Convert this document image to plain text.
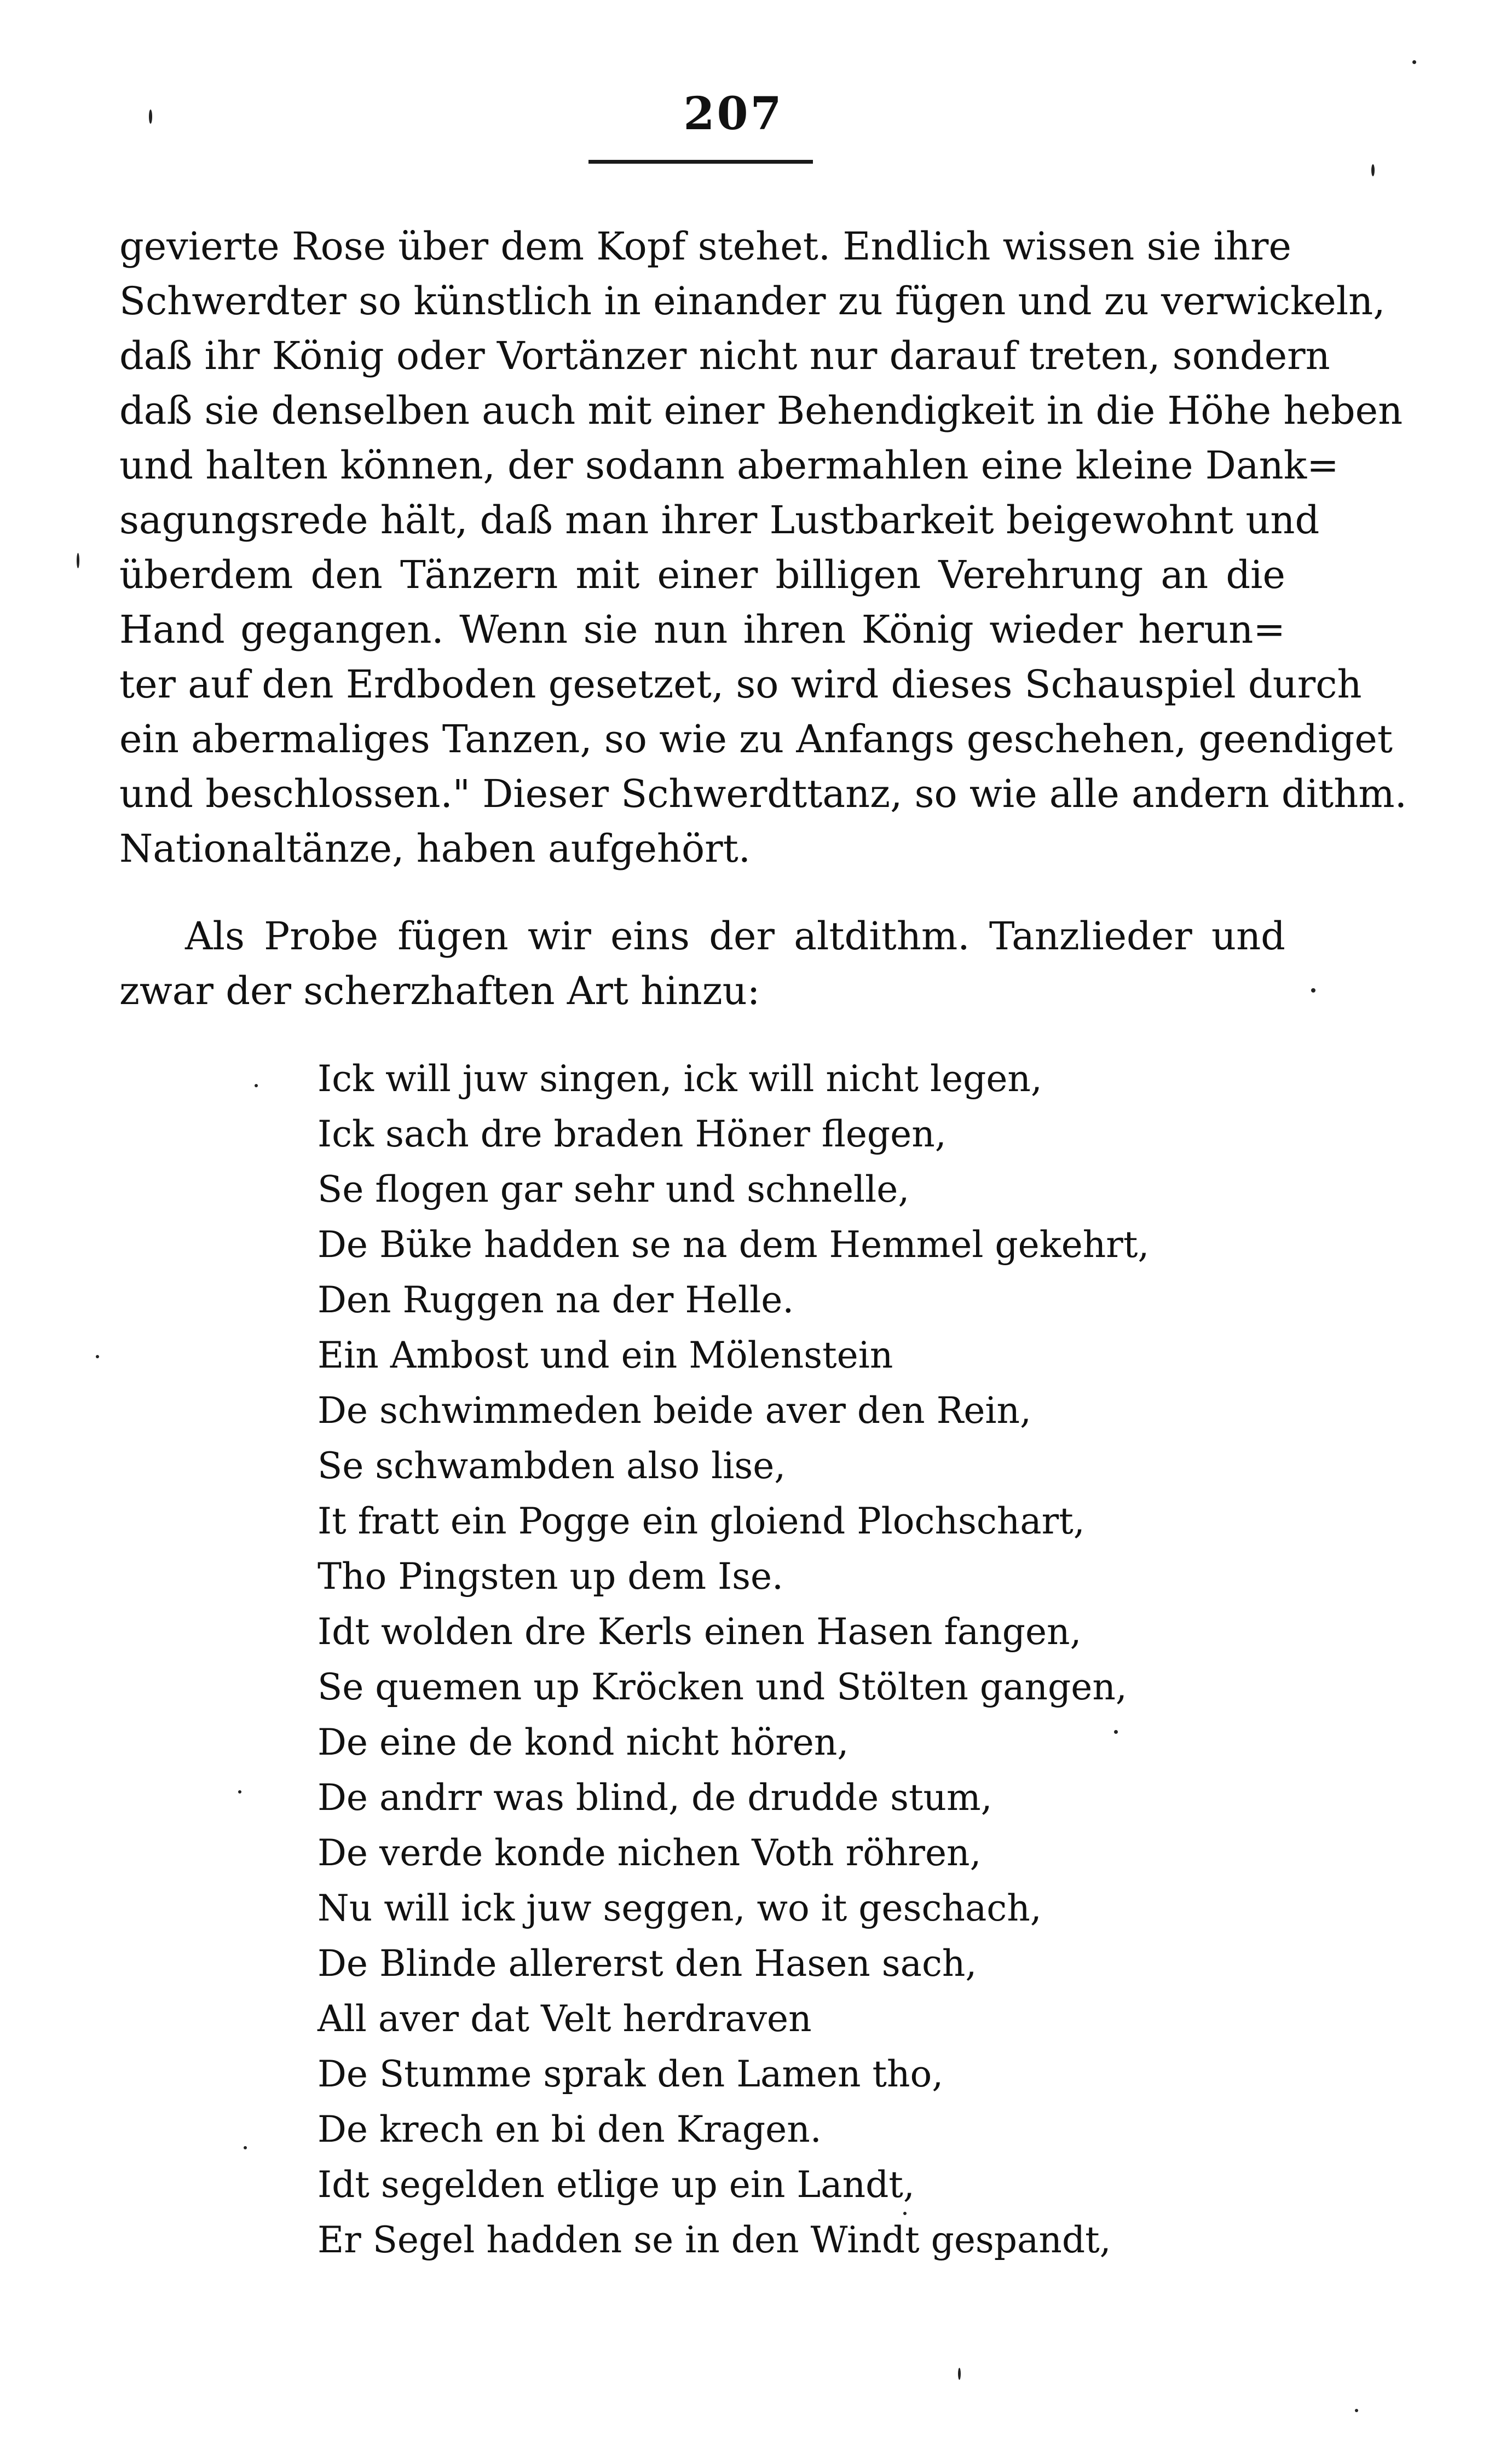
207
gevierte Rose über dem Kopf stehet. Endlich wissen sie ihre
Schwerdter so künstlich in einander zu fügen und zu verwickeln,
daß ihr König oder Vortänzer nicht nur darauf treten, sondern
daß sie denselben auch mit einer Behendigkeit in die Höhe heben
und halten können, der sodann abermahlen eine kleine Dank=
sagungsrede hält, daß man ihrer Lustbarkeit beigewohnt und
überdem den Tänzern mit einer billigen Verehrung an die
Hand gegangen. Wenn sie nun ihren König wieder herun=
ter auf den Erdboden gesetzet, so wird dieses Schauspiel durch
ein abermaliges Tanzen, so wie zu Anfangs geschehen, geendiget
und beschlossen." Dieser Schwerdttanz, so wie alle andern dithm.
Nationaltänze, haben aufgehört.
Als Probe fügen wir eins der altdithm. Tanzlieder und
zwar der scherzhaften Art hinzu:
Ick will juw singen, ick will nicht legen,
Ick sach dre braden Höner flegen,
Se flogen gar sehr und schnelle,
De Büke hadden se na dem Hemmel gekehrt,
Den Ruggen na der Helle.
Ein Ambost und ein Mölenstein
De schwimmeden beide aver den Rein,
Se schwambden also lise,
It fratt ein Pogge ein gloiend Plochschart,
Tho Pingsten up dem Ise.
Idt wolden dre Kerls einen Hasen fangen,
Se quemen up Kröcken und Stölten gangen,
De eine de kond nicht hören,
De andrr was blind, de drudde stum,
De verde konde nichen Voth röhren,
Nu will ick juw seggen, wo it geschach,
De Blinde allererst den Hasen sach,
All aver dat Velt herdraven
De Stumme sprak den Lamen tho,
De krech en bi den Kragen.
Idt segelden etlige up ein Landt,
Er Segel hadden se in den Windt gespandt,
